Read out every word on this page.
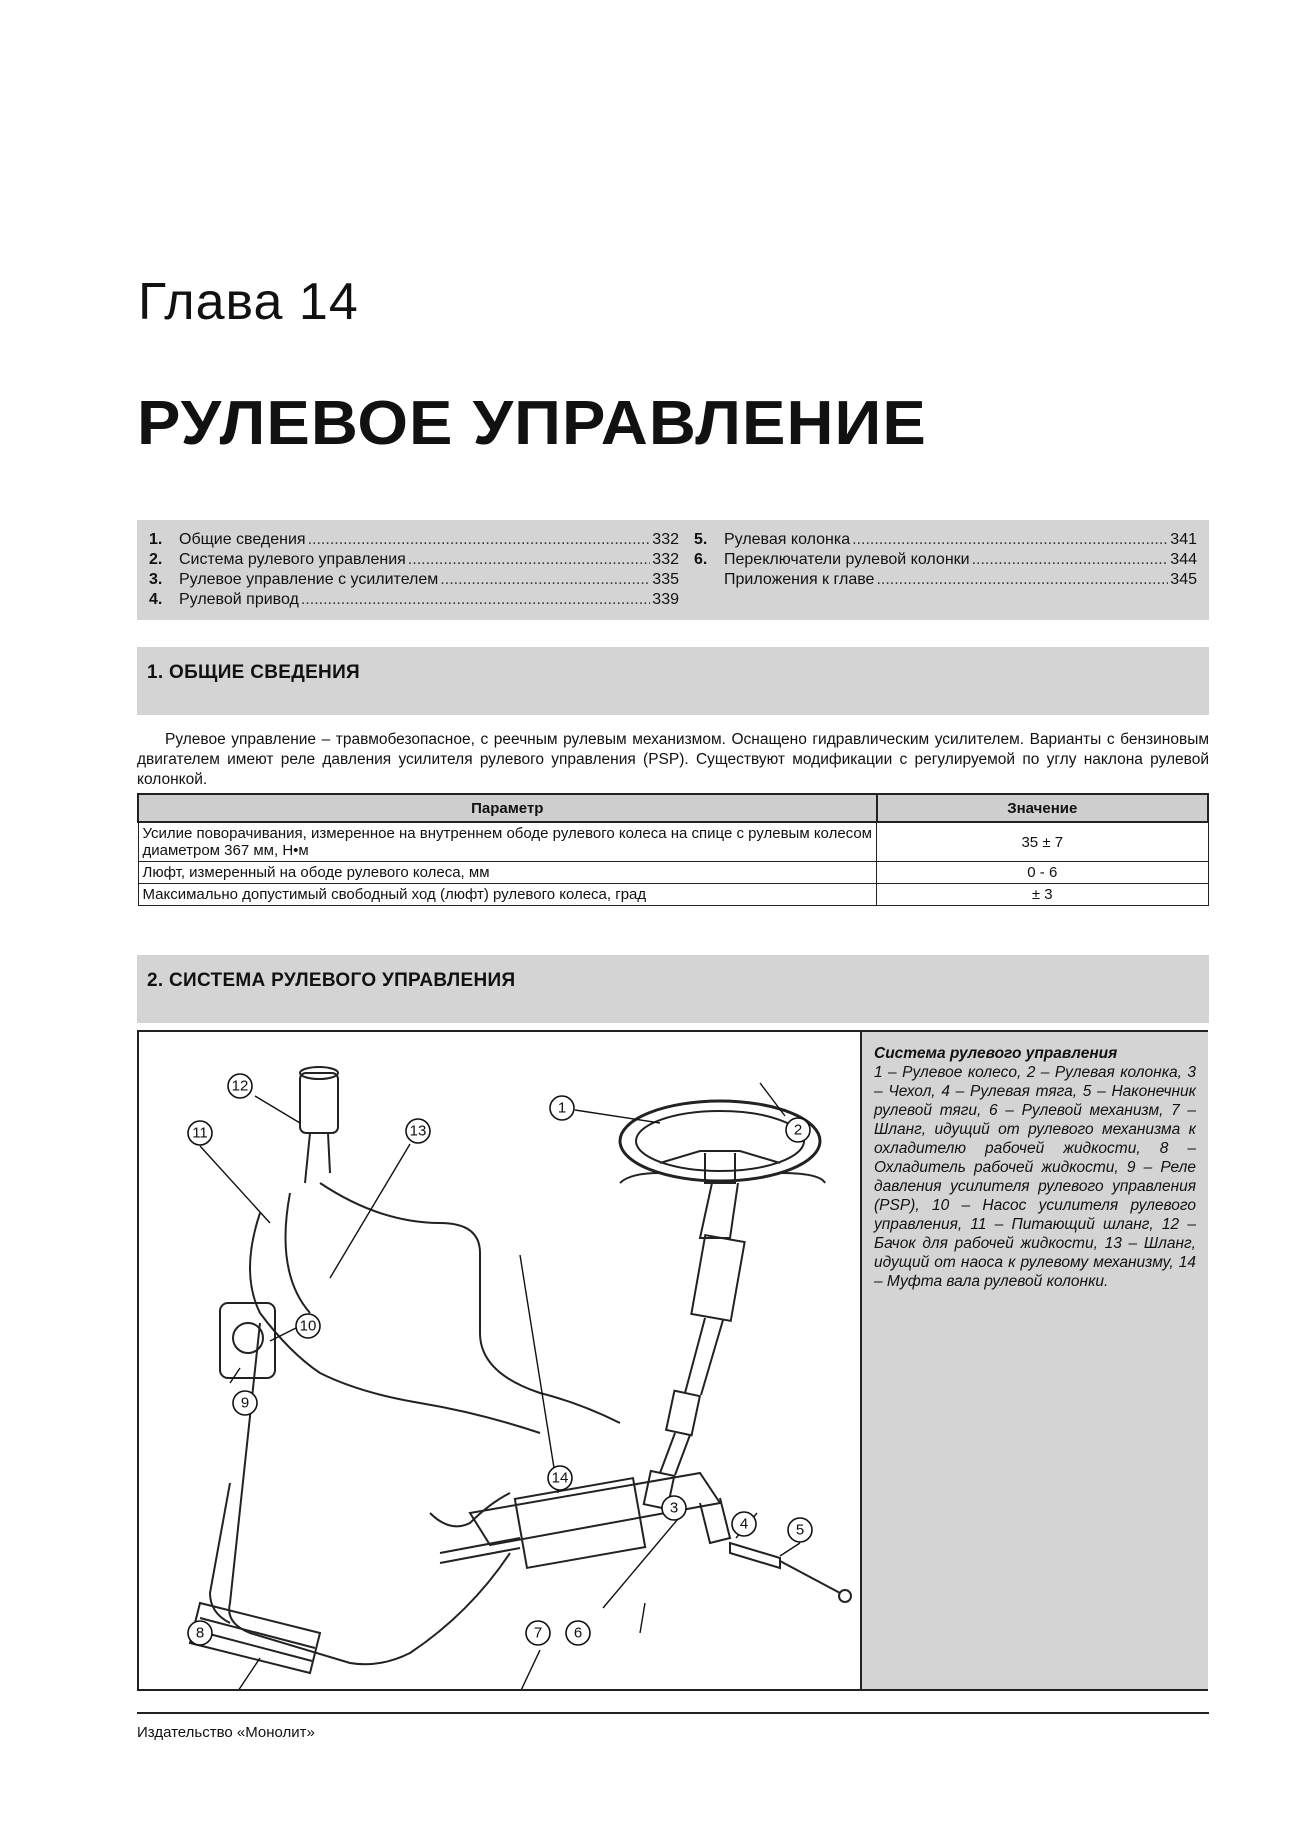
Глава 14
РУЛЕВОЕ УПРАВЛЕНИЕ
1.	Общие сведения .....	332
2.	Система рулевого управления .....	332
3.	Рулевое управление с усилителем .....	335
4.	Рулевой привод .....	339
5.	Рулевая колонка .....	341
6.	Переключатели рулевой колонки .....	344
Приложения к главе .....	345
1. ОБЩИЕ СВЕДЕНИЯ
Рулевое управление – травмобезопасное, с реечным рулевым механизмом. Оснащено гидравлическим усилителем. Варианты с бензиновым двигателем имеют реле давления усилителя рулевого управления (PSP). Существуют модификации с регулируемой по углу наклона рулевой колонкой.
Параметр	Значение
Усилие поворачивания, измеренное на внутреннем ободе рулевого колеса на спице с рулевым колесом диаметром 367 мм, Н•м	35 ± 7
Люфт, измеренный на ободе рулевого колеса, мм	0 - 6
Максимально допустимый свободный ход (люфт) рулевого колеса, град	± 3
2. СИСТЕМА РУЛЕВОГО УПРАВЛЕНИЯ
1
2
3
4	5
6
7
8
9
10
11
12
13
14
Система рулевого управления
1 – Рулевое колесо, 2 – Рулевая колонка, 3 – Чехол, 4 – Рулевая тяга, 5 – Наконечник рулевой тяги, 6 – Рулевой механизм, 7 – Шланг, идущий от рулевого механизма к охладителю рабочей жидкости, 8 – Охладитель рабочей жидкости, 9 – Реле давления усилителя рулевого управления (PSP), 10 – Насос усилителя рулевого управления, 11 – Питающий шланг, 12 – Бачок для рабочей жидкости, 13 – Шланг, идущий от наоса к рулевому механизму, 14 – Муфта вала рулевой колонки.
Издательство «Монолит»
